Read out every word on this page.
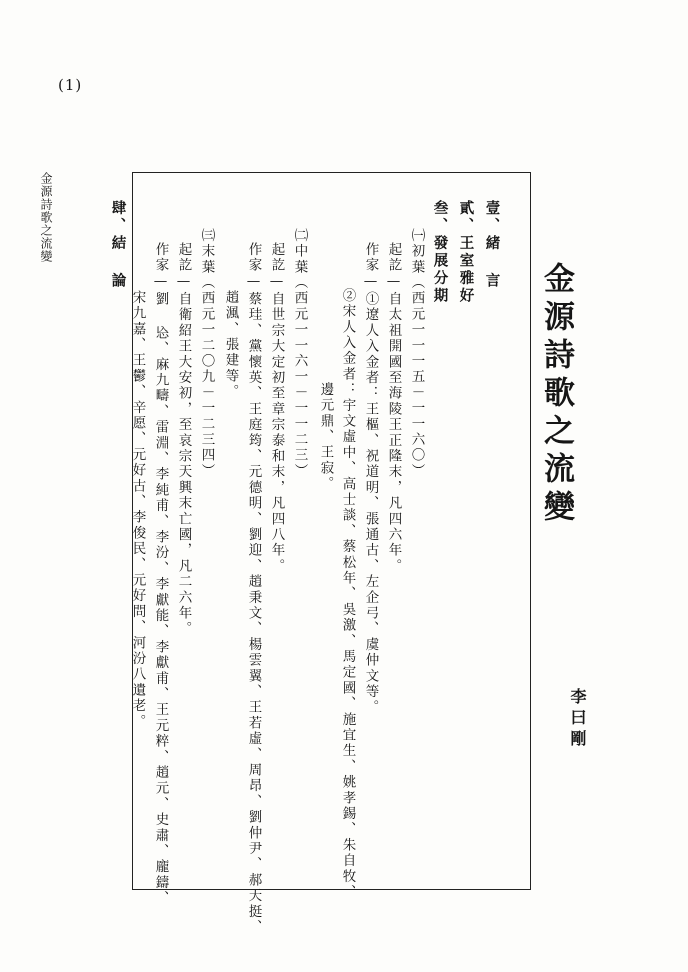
(1)
金源詩歌之流變	壹、緒 言
貳、王室雅好
叁、發展分期
㈠初葉（西元一一一五－一一六〇）
起訖—自太祖開國至海陵王正隆末，凡四六年。
作家—①遼人入金者：王樞、祝道明、張通古、左企弓、虞仲文等。
②宋人入金者：宇文虛中、高士談、蔡松年、吳激、馬定國、施宜生、姚孝錫、朱自牧、
邊元鼎、王寂。
㈡中葉（西元一一六一－一一二三）
起訖—自世宗大定初至章宗泰和末，凡四八年。
作家—蔡珪、黨懷英、王庭筠、元德明、劉迎、趙秉文、楊雲翼、王若虛、周昂、劉仲尹、郝天挺、
趙渢、張建等。
㈢末葉（西元一二〇九－一二三四）
起訖—自衛紹王大安初，至哀宗天興末亡國，凡二六年。
作家—劉 㤀、麻九疇、雷淵、李純甫、李汾、李獻能、李獻甫、王元粹、趙元、史肅、龐鑄、
宋九嘉、王鬱、辛愿、元好古、李俊民、元好問、河汾八遺老。
肆、結 論
金源詩歌之流變
李曰剛
